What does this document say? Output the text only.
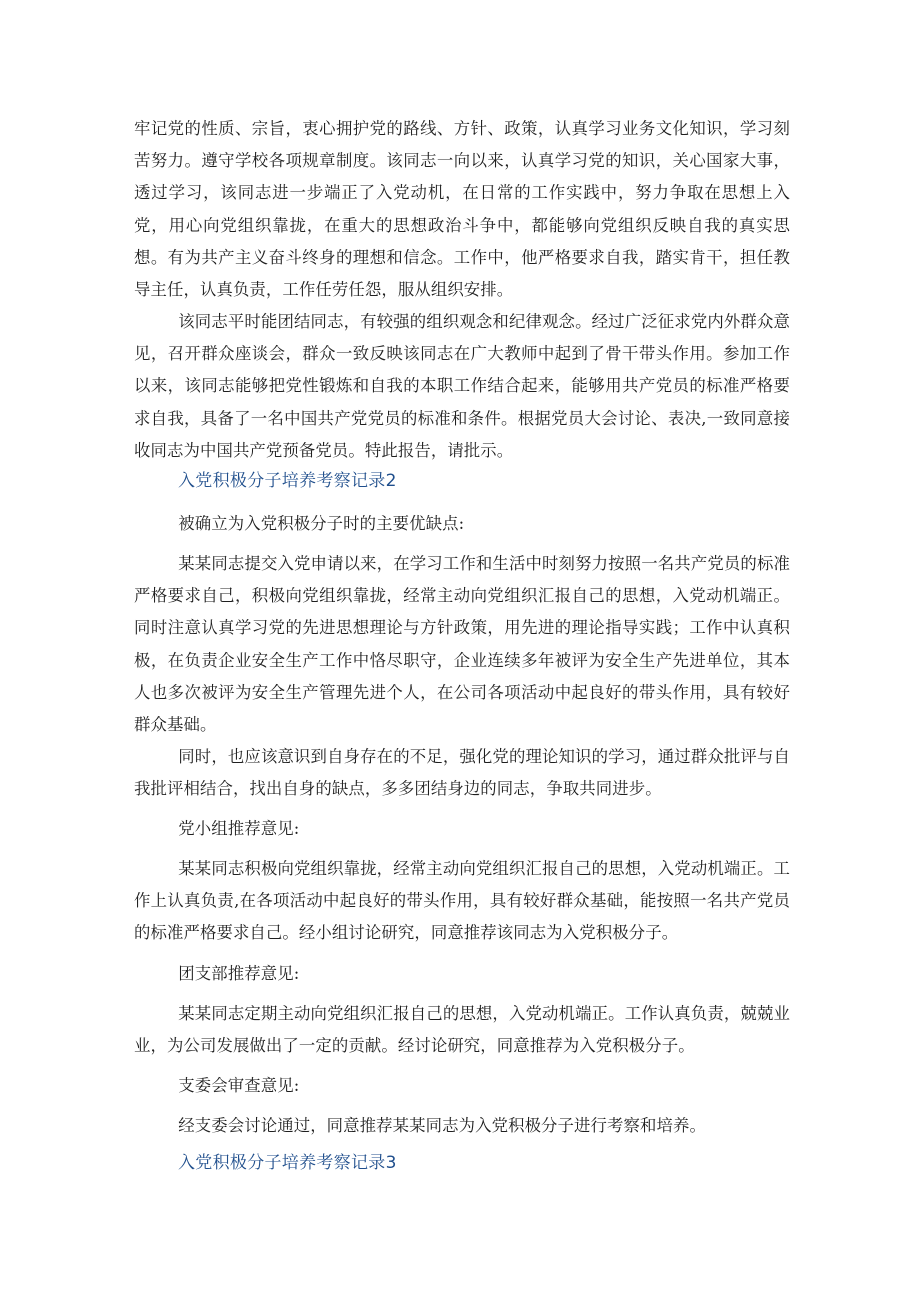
牢记党的性质、宗旨，衷心拥护党的路线、方针、政策，认真学习业务文化知识，学习刻苦努力。遵守学校各项规章制度。该同志一向以来，认真学习党的知识，关心国家大事，透过学习，该同志进一步端正了入党动机，在日常的工作实践中，努力争取在思想上入党，用心向党组织靠拢，在重大的思想政治斗争中，都能够向党组织反映自我的真实思想。有为共产主义奋斗终身的理想和信念。工作中，他严格要求自我，踏实肯干，担任教导主任，认真负责，工作任劳任怨，服从组织安排。

该同志平时能团结同志，有较强的组织观念和纪律观念。经过广泛征求党内外群众意见，召开群众座谈会，群众一致反映该同志在广大教师中起到了骨干带头作用。参加工作以来，该同志能够把党性锻炼和自我的本职工作结合起来，能够用共产党员的标准严格要求自我，具备了一名中国共产党党员的标准和条件。根据党员大会讨论、表决,一致同意接收同志为中国共产党预备党员。特此报告，请批示。

入党积极分子培养考察记录2

被确立为入党积极分子时的主要优缺点:

某某同志提交入党申请以来，在学习工作和生活中时刻努力按照一名共产党员的标准严格要求自己，积极向党组织靠拢，经常主动向党组织汇报自己的思想，入党动机端正。同时注意认真学习党的先进思想理论与方针政策，用先进的理论指导实践；工作中认真积极，在负责企业安全生产工作中恪尽职守，企业连续多年被评为安全生产先进单位，其本人也多次被评为安全生产管理先进个人，在公司各项活动中起良好的带头作用，具有较好群众基础。

同时，也应该意识到自身存在的不足，强化党的理论知识的学习，通过群众批评与自我批评相结合，找出自身的缺点，多多团结身边的同志，争取共同进步。

党小组推荐意见:

某某同志积极向党组织靠拢，经常主动向党组织汇报自己的思想，入党动机端正。工作上认真负责,在各项活动中起良好的带头作用，具有较好群众基础，能按照一名共产党员的标准严格要求自己。经小组讨论研究，同意推荐该同志为入党积极分子。

团支部推荐意见:

某某同志定期主动向党组织汇报自己的思想，入党动机端正。工作认真负责，兢兢业业，为公司发展做出了一定的贡献。经讨论研究，同意推荐为入党积极分子。

支委会审查意见:

经支委会讨论通过，同意推荐某某同志为入党积极分子进行考察和培养。

入党积极分子培养考察记录3
